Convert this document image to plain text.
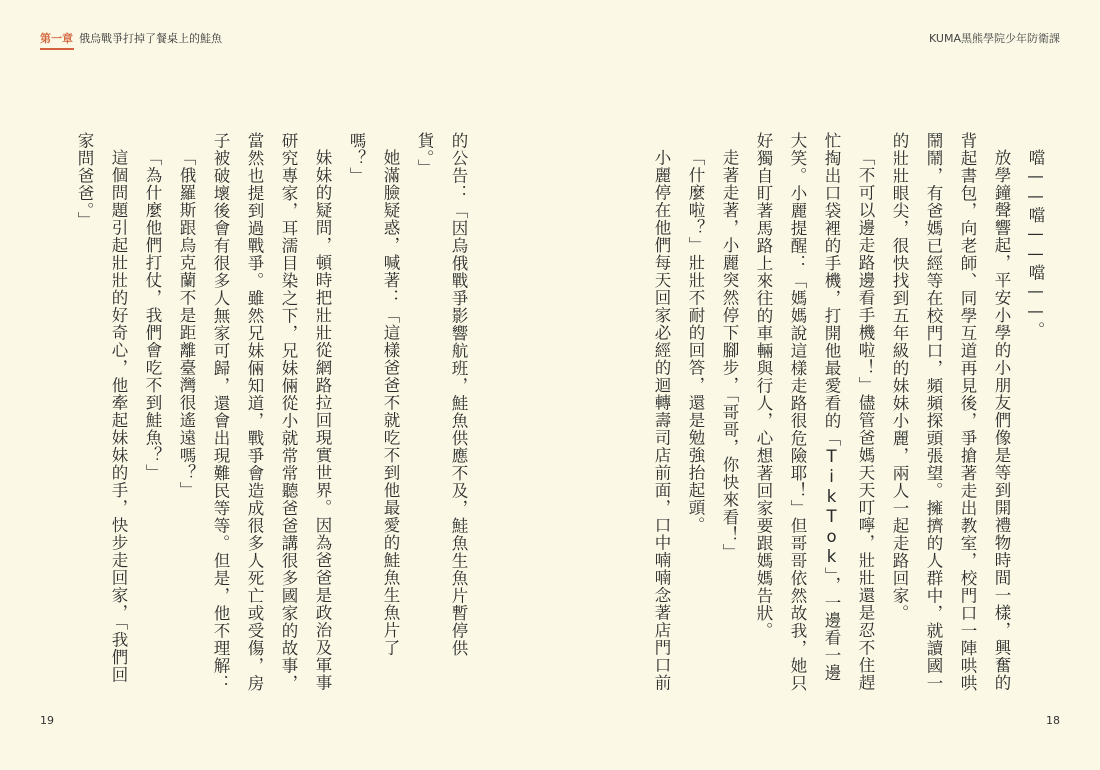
第一章 俄烏戰爭打掉了餐桌上的鮭魚

的公告：「因烏俄戰爭影響航班，鮭魚供應不及，鮭魚生魚片暫停供貨。」

她滿臉疑惑，喊著：「這樣爸爸不就吃不到他最愛的鮭魚生魚片了嗎？」

妹妹的疑問，頓時把壯壯從網路拉回現實世界。因為爸爸是政治及軍事研究專家，耳濡目染之下，兄妹倆從小就常常聽爸爸講很多國家的故事，當然也提到過戰爭。雖然兄妹倆知道，戰爭會造成很多人死亡或受傷，房子被破壞後會有很多人無家可歸，還會出現難民等等。但是，他不理解：

「俄羅斯跟烏克蘭不是距離臺灣很遙遠嗎？」

「為什麼他們打仗，我們會吃不到鮭魚？」

這個問題引起壯壯的好奇心，他牽起妹妹的手，快步走回家，「我們回家問爸爸。」

19
KUMA黑熊學院少年防衛課

噹——噹——噹——。

放學鐘聲響起，平安小學的小朋友們像是等到開禮物時間一樣，興奮的背起書包，向老師、同學互道再見後，爭搶著走出教室，校門口一陣哄哄鬧鬧，有爸媽已經等在校門口，頻頻探頭張望。擁擠的人群中，就讀國一的壯壯眼尖，很快找到五年級的妹妹小麗，兩人一起走路回家。

「不可以邊走路邊看手機啦！」儘管爸媽天天叮嚀，壯壯還是忍不住趕忙掏出口袋裡的手機，打開他最愛看的「TikTok」，一邊看一邊大笑。小麗提醒：「媽媽說這樣走路很危險耶！」但哥哥依然故我，她只好獨自盯著馬路上來往的車輛與行人，心想著回家要跟媽媽告狀。

走著走著，小麗突然停下腳步，「哥哥，你快來看！」

「什麼啦？」壯壯不耐的回答，還是勉強抬起頭。

小麗停在他們每天回家必經的迴轉壽司店前面，口中喃喃念著店門口前

18
